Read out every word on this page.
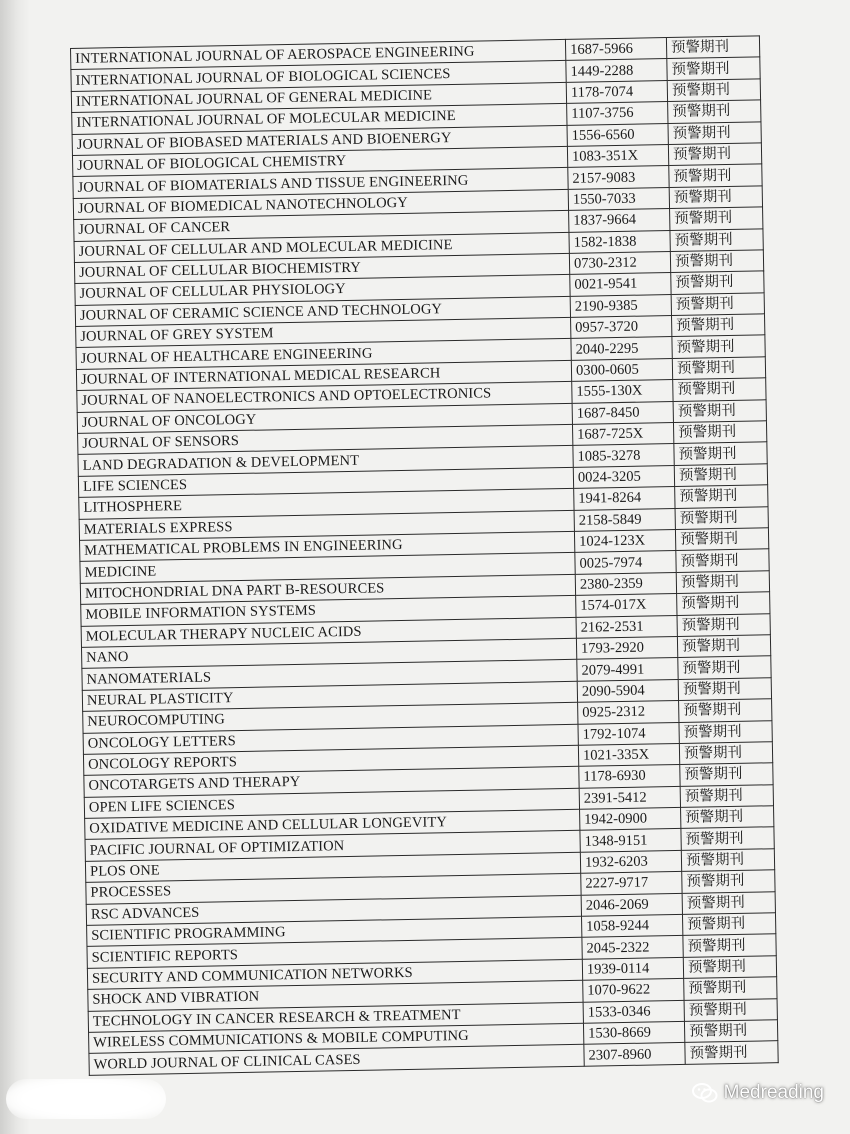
INTERNATIONAL JOURNAL OF AEROSPACE ENGINEERING	1687-5966	预警期刊
INTERNATIONAL JOURNAL OF BIOLOGICAL SCIENCES	1449-2288	预警期刊
INTERNATIONAL JOURNAL OF GENERAL MEDICINE	1178-7074	预警期刊
INTERNATIONAL JOURNAL OF MOLECULAR MEDICINE	1107-3756	预警期刊
JOURNAL OF BIOBASED MATERIALS AND BIOENERGY	1556-6560	预警期刊
JOURNAL OF BIOLOGICAL CHEMISTRY	1083-351X	预警期刊
JOURNAL OF BIOMATERIALS AND TISSUE ENGINEERING	2157-9083	预警期刊
JOURNAL OF BIOMEDICAL NANOTECHNOLOGY	1550-7033	预警期刊
JOURNAL OF CANCER	1837-9664	预警期刊
JOURNAL OF CELLULAR AND MOLECULAR MEDICINE	1582-1838	预警期刊
JOURNAL OF CELLULAR BIOCHEMISTRY	0730-2312	预警期刊
JOURNAL OF CELLULAR PHYSIOLOGY	0021-9541	预警期刊
JOURNAL OF CERAMIC SCIENCE AND TECHNOLOGY	2190-9385	预警期刊
JOURNAL OF GREY SYSTEM	0957-3720	预警期刊
JOURNAL OF HEALTHCARE ENGINEERING	2040-2295	预警期刊
JOURNAL OF INTERNATIONAL MEDICAL RESEARCH	0300-0605	预警期刊
JOURNAL OF NANOELECTRONICS AND OPTOELECTRONICS	1555-130X	预警期刊
JOURNAL OF ONCOLOGY	1687-8450	预警期刊
JOURNAL OF SENSORS	1687-725X	预警期刊
LAND DEGRADATION & DEVELOPMENT	1085-3278	预警期刊
LIFE SCIENCES	0024-3205	预警期刊
LITHOSPHERE	1941-8264	预警期刊
MATERIALS EXPRESS	2158-5849	预警期刊
MATHEMATICAL PROBLEMS IN ENGINEERING	1024-123X	预警期刊
MEDICINE	0025-7974	预警期刊
MITOCHONDRIAL DNA PART B-RESOURCES	2380-2359	预警期刊
MOBILE INFORMATION SYSTEMS	1574-017X	预警期刊
MOLECULAR THERAPY NUCLEIC ACIDS	2162-2531	预警期刊
NANO	1793-2920	预警期刊
NANOMATERIALS	2079-4991	预警期刊
NEURAL PLASTICITY	2090-5904	预警期刊
NEUROCOMPUTING	0925-2312	预警期刊
ONCOLOGY LETTERS	1792-1074	预警期刊
ONCOLOGY REPORTS	1021-335X	预警期刊
ONCOTARGETS AND THERAPY	1178-6930	预警期刊
OPEN LIFE SCIENCES	2391-5412	预警期刊
OXIDATIVE MEDICINE AND CELLULAR LONGEVITY	1942-0900	预警期刊
PACIFIC JOURNAL OF OPTIMIZATION	1348-9151	预警期刊
PLOS ONE	1932-6203	预警期刊
PROCESSES	2227-9717	预警期刊
RSC ADVANCES	2046-2069	预警期刊
SCIENTIFIC PROGRAMMING	1058-9244	预警期刊
SCIENTIFIC REPORTS	2045-2322	预警期刊
SECURITY AND COMMUNICATION NETWORKS	1939-0114	预警期刊
SHOCK AND VIBRATION	1070-9622	预警期刊
TECHNOLOGY IN CANCER RESEARCH & TREATMENT	1533-0346	预警期刊
WIRELESS COMMUNICATIONS & MOBILE COMPUTING	1530-8669	预警期刊
WORLD JOURNAL OF CLINICAL CASES	2307-8960	预警期刊
Medreading
